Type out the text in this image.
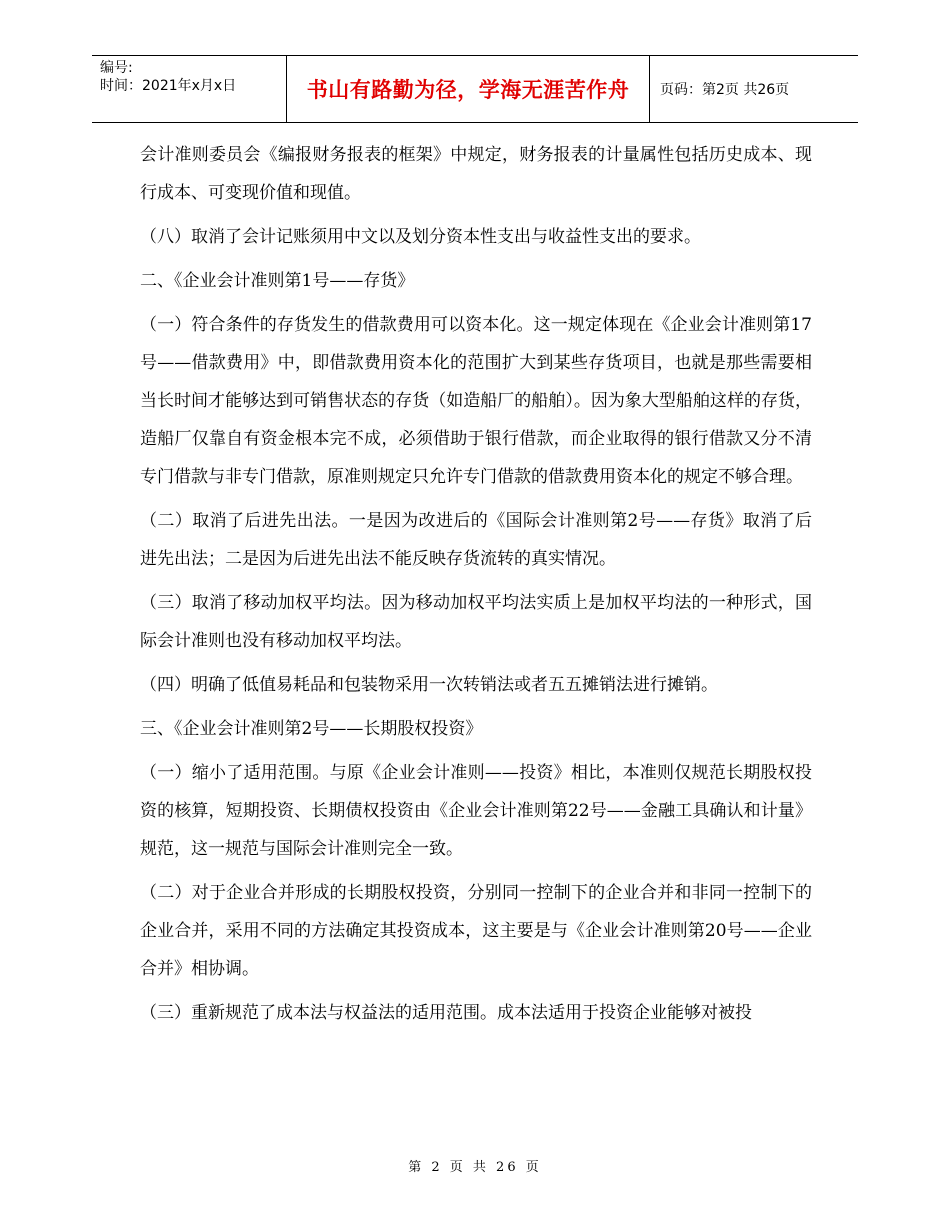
编号:
时间：2021年x月x日	书山有路勤为径，学海无涯苦作舟	页码：第2页 共26页

会计准则委员会《编报财务报表的框架》中规定，财务报表的计量属性包括历史成本、现行成本、可变现价值和现值。

（八）取消了会计记账须用中文以及划分资本性支出与收益性支出的要求。

二、《企业会计准则第1号——存货》

（一）符合条件的存货发生的借款费用可以资本化。这一规定体现在《企业会计准则第17号——借款费用》中，即借款费用资本化的范围扩大到某些存货项目，也就是那些需要相当长时间才能够达到可销售状态的存货（如造船厂的船舶）。因为象大型船舶这样的存货，造船厂仅靠自有资金根本完不成，必须借助于银行借款，而企业取得的银行借款又分不清专门借款与非专门借款，原准则规定只允许专门借款的借款费用资本化的规定不够合理。

（二）取消了后进先出法。一是因为改进后的《国际会计准则第2号——存货》取消了后进先出法；二是因为后进先出法不能反映存货流转的真实情况。

（三）取消了移动加权平均法。因为移动加权平均法实质上是加权平均法的一种形式，国际会计准则也没有移动加权平均法。

（四）明确了低值易耗品和包装物采用一次转销法或者五五摊销法进行摊销。

三、《企业会计准则第2号——长期股权投资》

（一）缩小了适用范围。与原《企业会计准则——投资》相比，本准则仅规范长期股权投资的核算，短期投资、长期债权投资由《企业会计准则第22号——金融工具确认和计量》规范，这一规范与国际会计准则完全一致。

（二）对于企业合并形成的长期股权投资，分别同一控制下的企业合并和非同一控制下的企业合并，采用不同的方法确定其投资成本，这主要是与《企业会计准则第20号——企业合并》相协调。

（三）重新规范了成本法与权益法的适用范围。成本法适用于投资企业能够对被投

第 2 页 共 26 页
